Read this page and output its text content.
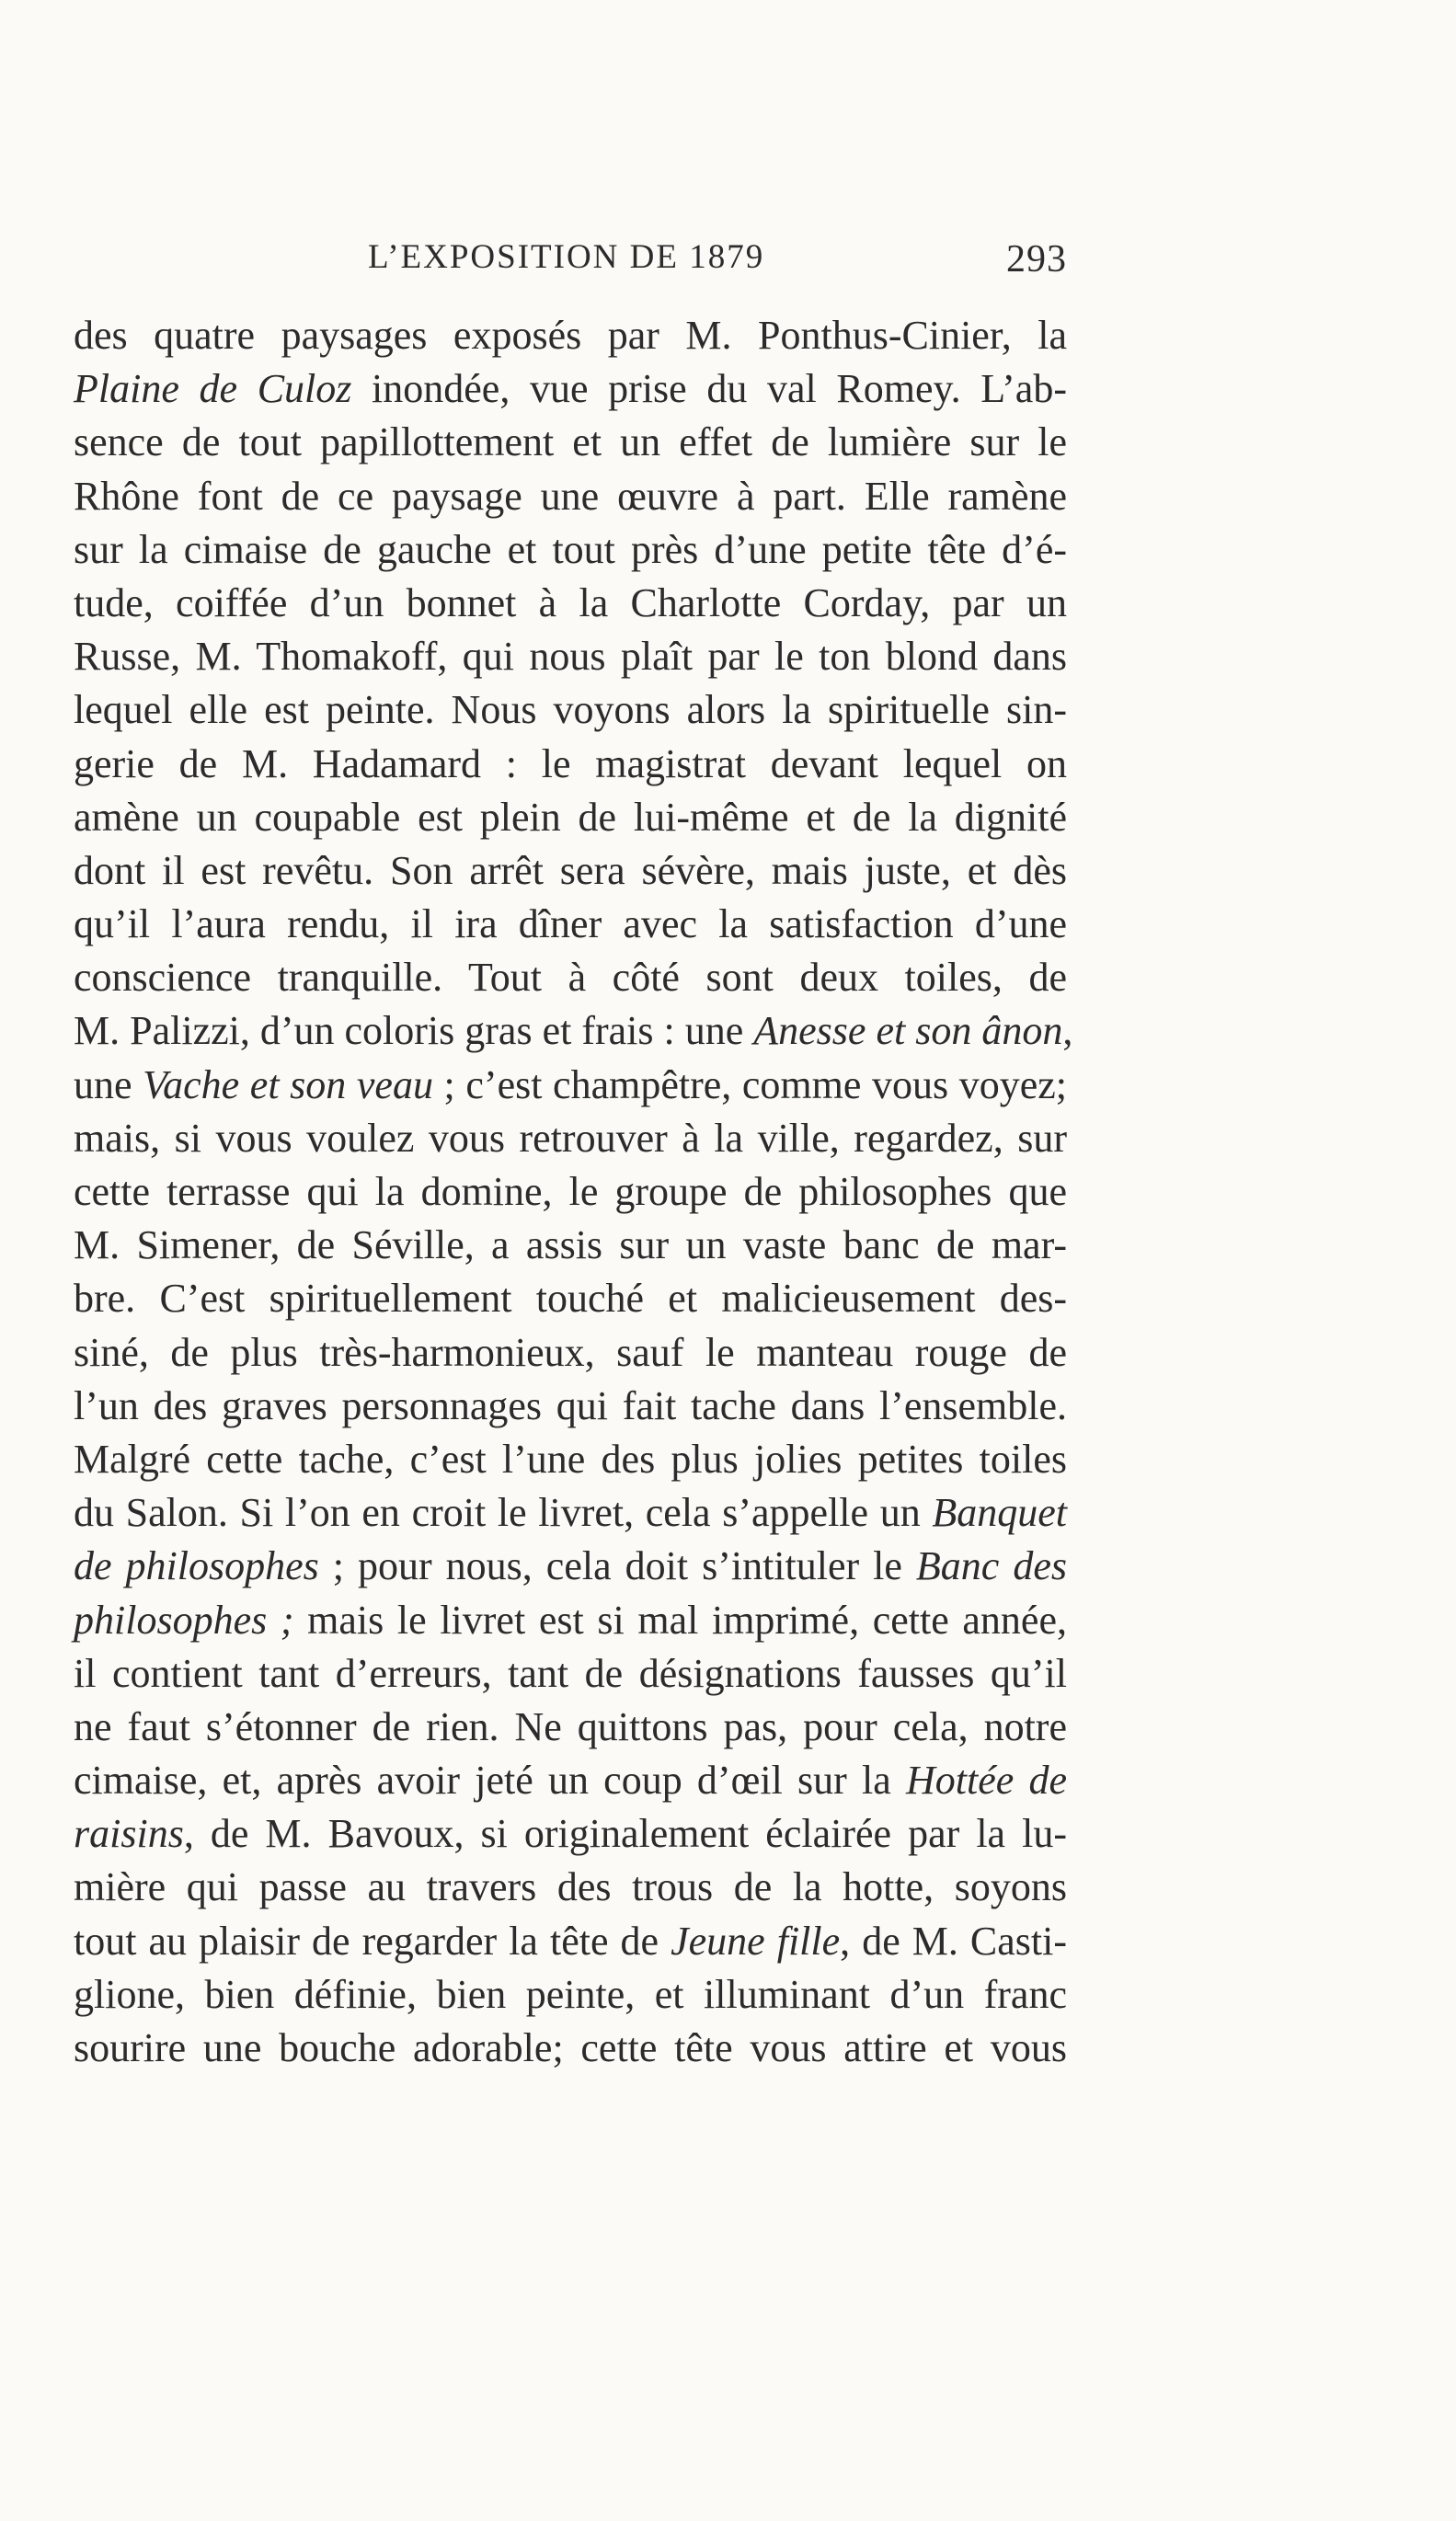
L’EXPOSITION DE 1879	293
des quatre paysages exposés par M. Ponthus-Cinier, la
Plaine de Culoz inondée, vue prise du val Romey. L’ab-
sence de tout papillottement et un effet de lumière sur le
Rhône font de ce paysage une œuvre à part. Elle ramène
sur la cimaise de gauche et tout près d’une petite tête d’é-
tude, coiffée d’un bonnet à la Charlotte Corday, par un
Russe, M. Thomakoff, qui nous plaît par le ton blond dans
lequel elle est peinte. Nous voyons alors la spirituelle sin-
gerie de M. Hadamard : le magistrat devant lequel on
amène un coupable est plein de lui-même et de la dignité
dont il est revêtu. Son arrêt sera sévère, mais juste, et dès
qu’il l’aura rendu, il ira dîner avec la satisfaction d’une
conscience tranquille. Tout à côté sont deux toiles, de
M. Palizzi, d’un coloris gras et frais : une Anesse et son ânon,
une Vache et son veau ; c’est champêtre, comme vous voyez;
mais, si vous voulez vous retrouver à la ville, regardez, sur
cette terrasse qui la domine, le groupe de philosophes que
M. Simener, de Séville, a assis sur un vaste banc de mar-
bre. C’est spirituellement touché et malicieusement des-
siné, de plus très-harmonieux, sauf le manteau rouge de
l’un des graves personnages qui fait tache dans l’ensemble.
Malgré cette tache, c’est l’une des plus jolies petites toiles
du Salon. Si l’on en croit le livret, cela s’appelle un Banquet
de philosophes ; pour nous, cela doit s’intituler le Banc des
philosophes ; mais le livret est si mal imprimé, cette année,
il contient tant d’erreurs, tant de désignations fausses qu’il
ne faut s’étonner de rien. Ne quittons pas, pour cela, notre
cimaise, et, après avoir jeté un coup d’œil sur la Hottée de
raisins, de M. Bavoux, si originalement éclairée par la lu-
mière qui passe au travers des trous de la hotte, soyons
tout au plaisir de regarder la tête de Jeune fille, de M. Casti-
glione, bien définie, bien peinte, et illuminant d’un franc
sourire une bouche adorable; cette tête vous attire et vous
